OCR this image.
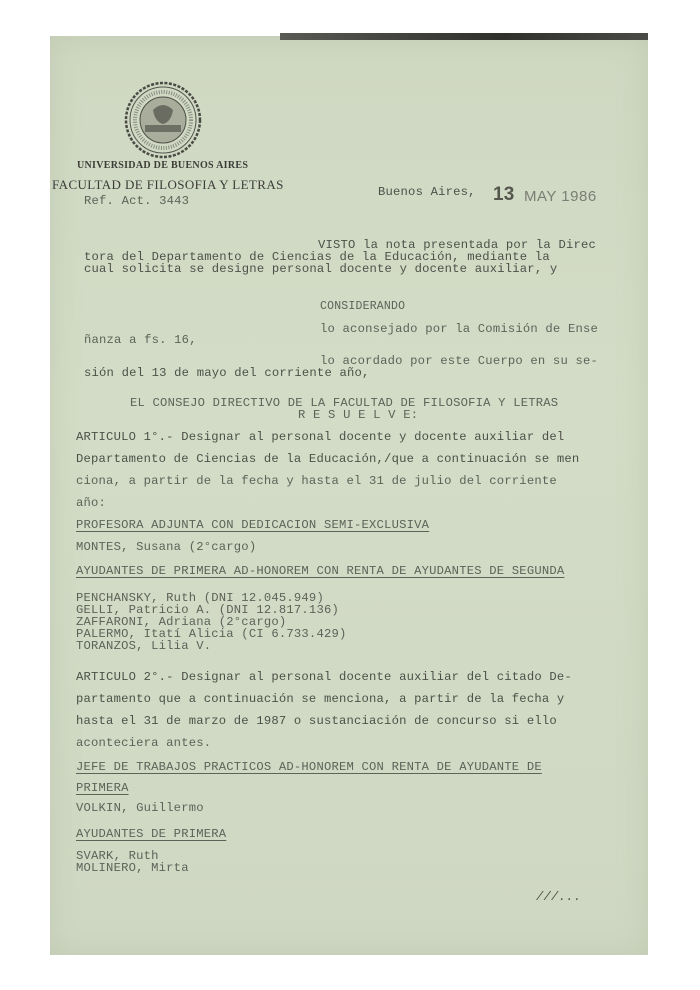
UNIVERSIDAD DE BUENOS AIRES
FACULTAD DE FILOSOFIA Y LETRAS
Ref. Act. 3443
Buenos Aires, 13 MAY 1986
VISTO la nota presentada por la Direc
tora del Departamento de Ciencias de la Educación, mediante la
cual solicita se designe personal docente y docente auxiliar, y
CONSIDERANDO
lo aconsejado por la Comisión de Ense
ñanza a fs. 16,
lo acordado por este Cuerpo en su se-
sión del 13 de mayo del corriente año,
EL CONSEJO DIRECTIVO DE LA FACULTAD DE FILOSOFIA Y LETRAS
R E S U E L V E:
ARTICULO 1°.- Designar al personal docente y docente auxiliar del
Departamento de Ciencias de la Educación,/que a continuación se men
ciona, a partir de la fecha y hasta el 31 de julio del corriente
año:
PROFESORA ADJUNTA CON DEDICACION SEMI-EXCLUSIVA
MONTES, Susana (2°cargo)
AYUDANTES DE PRIMERA AD-HONOREM CON RENTA DE AYUDANTES DE SEGUNDA
PENCHANSKY, Ruth (DNI 12.045.949)
GELLI, Patricio A. (DNI 12.817.136)
ZAFFARONI, Adriana (2°cargo)
PALERMO, Itatí Alicia (CI 6.733.429)
TORANZOS, Lilia V.
ARTICULO 2°.- Designar al personal docente auxiliar del citado De-
partamento que a continuación se menciona, a partir de la fecha y
hasta el 31 de marzo de 1987 o sustanciación de concurso si ello
aconteciera antes.
JEFE DE TRABAJOS PRACTICOS AD-HONOREM CON RENTA DE AYUDANTE DE
PRIMERA
VOLKIN, Guillermo
AYUDANTES DE PRIMERA
SVARK, Ruth
MOLINERO, Mirta
///...
